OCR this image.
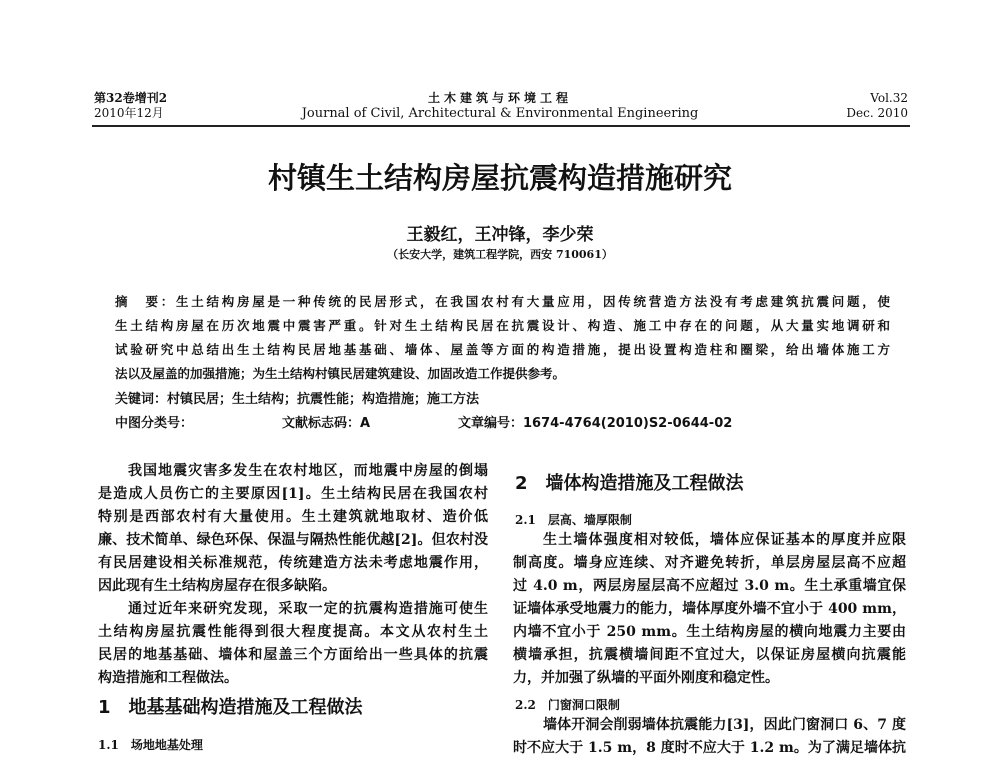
第32卷增刊2
2010年12月
土木建筑与环境工程
Journal of Civil, Architectural & Environmental Engineering
Vol.32
Dec. 2010
村镇生土结构房屋抗震构造措施研究
王毅红，王冲锋，李少荣
（长安大学，建筑工程学院，西安 710061）
摘　要：生土结构房屋是一种传统的民居形式，在我国农村有大量应用，因传统营造方法没有考虑建筑抗震问题，使
生土结构房屋在历次地震中震害严重。针对生土结构民居在抗震设计、构造、施工中存在的问题，从大量实地调研和
试验研究中总结出生土结构民居地基基础、墙体、屋盖等方面的构造措施，提出设置构造柱和圈梁，给出墙体施工方
法以及屋盖的加强措施；为生土结构村镇民居建筑建设、加固改造工作提供参考。
关键词：村镇民居；生土结构；抗震性能；构造措施；施工方法
中图分类号：	文献标志码：A	文章编号：1674-4764(2010)S2-0644-02
我国地震灾害多发生在农村地区，而地震中房屋的倒塌
是造成人员伤亡的主要原因[1]。生土结构民居在我国农村
特别是西部农村有大量使用。生土建筑就地取材、造价低
廉、技术简单、绿色环保、保温与隔热性能优越[2]。但农村没
有民居建设相关标准规范，传统建造方法未考虑地震作用，
因此现有生土结构房屋存在很多缺陷。
通过近年来研究发现，采取一定的抗震构造措施可使生
土结构房屋抗震性能得到很大程度提高。本文从农村生土
民居的地基基础、墙体和屋盖三个方面给出一些具体的抗震
构造措施和工程做法。
1　地基基础构造措施及工程做法
1.1　场地地基处理
2　墙体构造措施及工程做法
2.1　层高、墙厚限制
生土墙体强度相对较低，墙体应保证基本的厚度并应限
制高度。墙身应连续、对齐避免转折，单层房屋层高不应超
过 4.0 m，两层房屋层高不应超过 3.0 m。生土承重墙宜保
证墙体承受地震力的能力，墙体厚度外墙不宜小于 400 mm，
内墙不宜小于 250 mm。生土结构房屋的横向地震力主要由
横墙承担，抗震横墙间距不宜过大，以保证房屋横向抗震能
力，并加强了纵墙的平面外刚度和稳定性。
2.2　门窗洞口限制
墙体开洞会削弱墙体抗震能力[3]，因此门窗洞口 6、7 度
时不应大于 1.5 m，8 度时不应大于 1.2 m。为了满足墙体抗
